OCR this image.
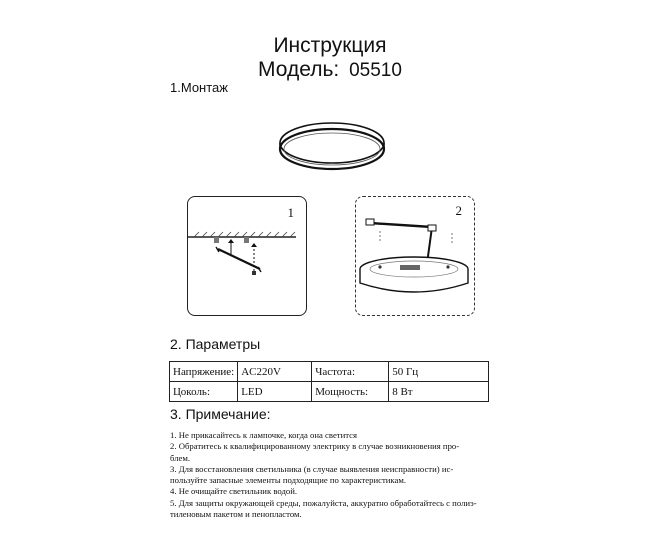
Инструкция
Модель: 05510
1.Монтаж
1	2
2. Параметры
Напряжение:	AC220V	Частота:	50 Гц
Цоколь:	LED	Мощность:	8 Вт
3. Примечание:

1. Не прикасайтесь к лампочке, когда она светится

2. Обратитесь к квалифицированному электрику в случае возникновения про-

блем.

3. Для восстановления светильника (в случае выявления неисправности) ис-

пользуйте запасные элементы подходящие по характеристикам.

4. Не очищайте светильник водой.

5. Для защиты окружающей среды, пожалуйста, аккуратно обработайтесь с полиэ-

тиленовым пакетом и пенопластом.
